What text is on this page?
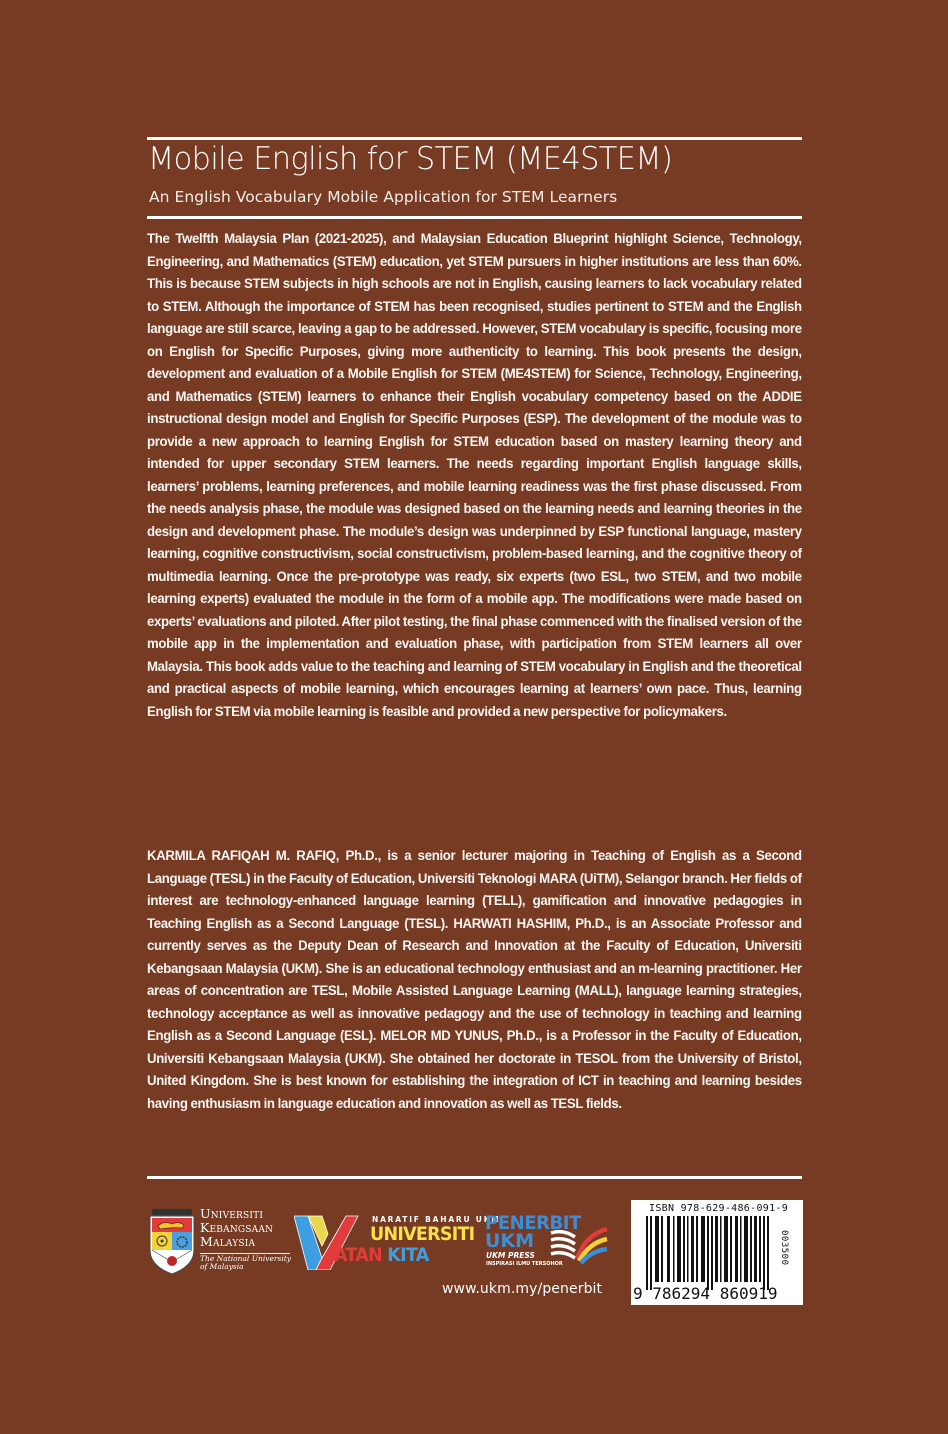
Mobile English for STEM (ME4STEM)
An English Vocabulary Mobile Application for STEM Learners
The Twelfth Malaysia Plan (2021-2025), and Malaysian Education Blueprint highlight Science, Technology, Engineering, and Mathematics (STEM) education, yet STEM pursuers in higher institutions are less than 60%. This is because STEM subjects in high schools are not in English, causing learners to lack vocabulary related to STEM. Although the importance of STEM has been recognised, studies pertinent to STEM and the English language are still scarce, leaving a gap to be addressed. However, STEM vocabulary is specific, focusing more on English for Specific Purposes, giving more authenticity to learning. This book presents the design, development and evaluation of a Mobile English for STEM (ME4STEM) for Science, Technology, Engineering, and Mathematics (STEM) learners to enhance their English vocabulary competency based on the ADDIE instructional design model and English for Specific Purposes (ESP). The development of the module was to provide a new approach to learning English for STEM education based on mastery learning theory and intended for upper secondary STEM learners. The needs regarding important English language skills, learners’ problems, learning preferences, and mobile learning readiness was the first phase discussed. From the needs analysis phase, the module was designed based on the learning needs and learning theories in the design and development phase. The module’s design was underpinned by ESP functional language, mastery learning, cognitive constructivism, social constructivism, problem-based learning, and the cognitive theory of multimedia learning. Once the pre-prototype was ready, six experts (two ESL, two STEM, and two mobile learning experts) evaluated the module in the form of a mobile app. The modifications were made based on experts’ evaluations and piloted. After pilot testing, the final phase commenced with the finalised version of the mobile app in the implementation and evaluation phase, with participation from STEM learners all over Malaysia. This book adds value to the teaching and learning of STEM vocabulary in English and the theoretical and practical aspects of mobile learning, which encourages learning at learners’ own pace. Thus, learning English for STEM via mobile learning is feasible and provided a new perspective for policymakers.
KARMILA RAFIQAH M. RAFIQ, Ph.D., is a senior lecturer majoring in Teaching of English as a Second Language (TESL) in the Faculty of Education, Universiti Teknologi MARA (UiTM), Selangor branch. Her fields of interest are technology-enhanced language learning (TELL), gamification and innovative pedagogies in Teaching English as a Second Language (TESL). HARWATI HASHIM, Ph.D., is an Associate Professor and currently serves as the Deputy Dean of Research and Innovation at the Faculty of Education, Universiti Kebangsaan Malaysia (UKM). She is an educational technology enthusiast and an m-learning practitioner. Her areas of concentration are TESL, Mobile Assisted Language Learning (MALL), language learning strategies, technology acceptance as well as innovative pedagogy and the use of technology in teaching and learning English as a Second Language (ESL). MELOR MD YUNUS, Ph.D., is a Professor in the Faculty of Education, Universiti Kebangsaan Malaysia (UKM). She obtained her doctorate in TESOL from the University of Bristol, United Kingdom. She is best known for establishing the integration of ICT in teaching and learning besides having enthusiasm in language education and innovation as well as TESL fields.
Universiti
Kebangsaan
Malaysia
The National University
of Malaysia
NARATIF BAHARU UKM
UNIVERSITI
ATAN KITA
PENERBIT
UKM
UKM PRESS
INSPIRASI ILMU TERSOHOR
www.ukm.my/penerbit
ISBN 978-629-486-091-9
9 786294 860919
003500
